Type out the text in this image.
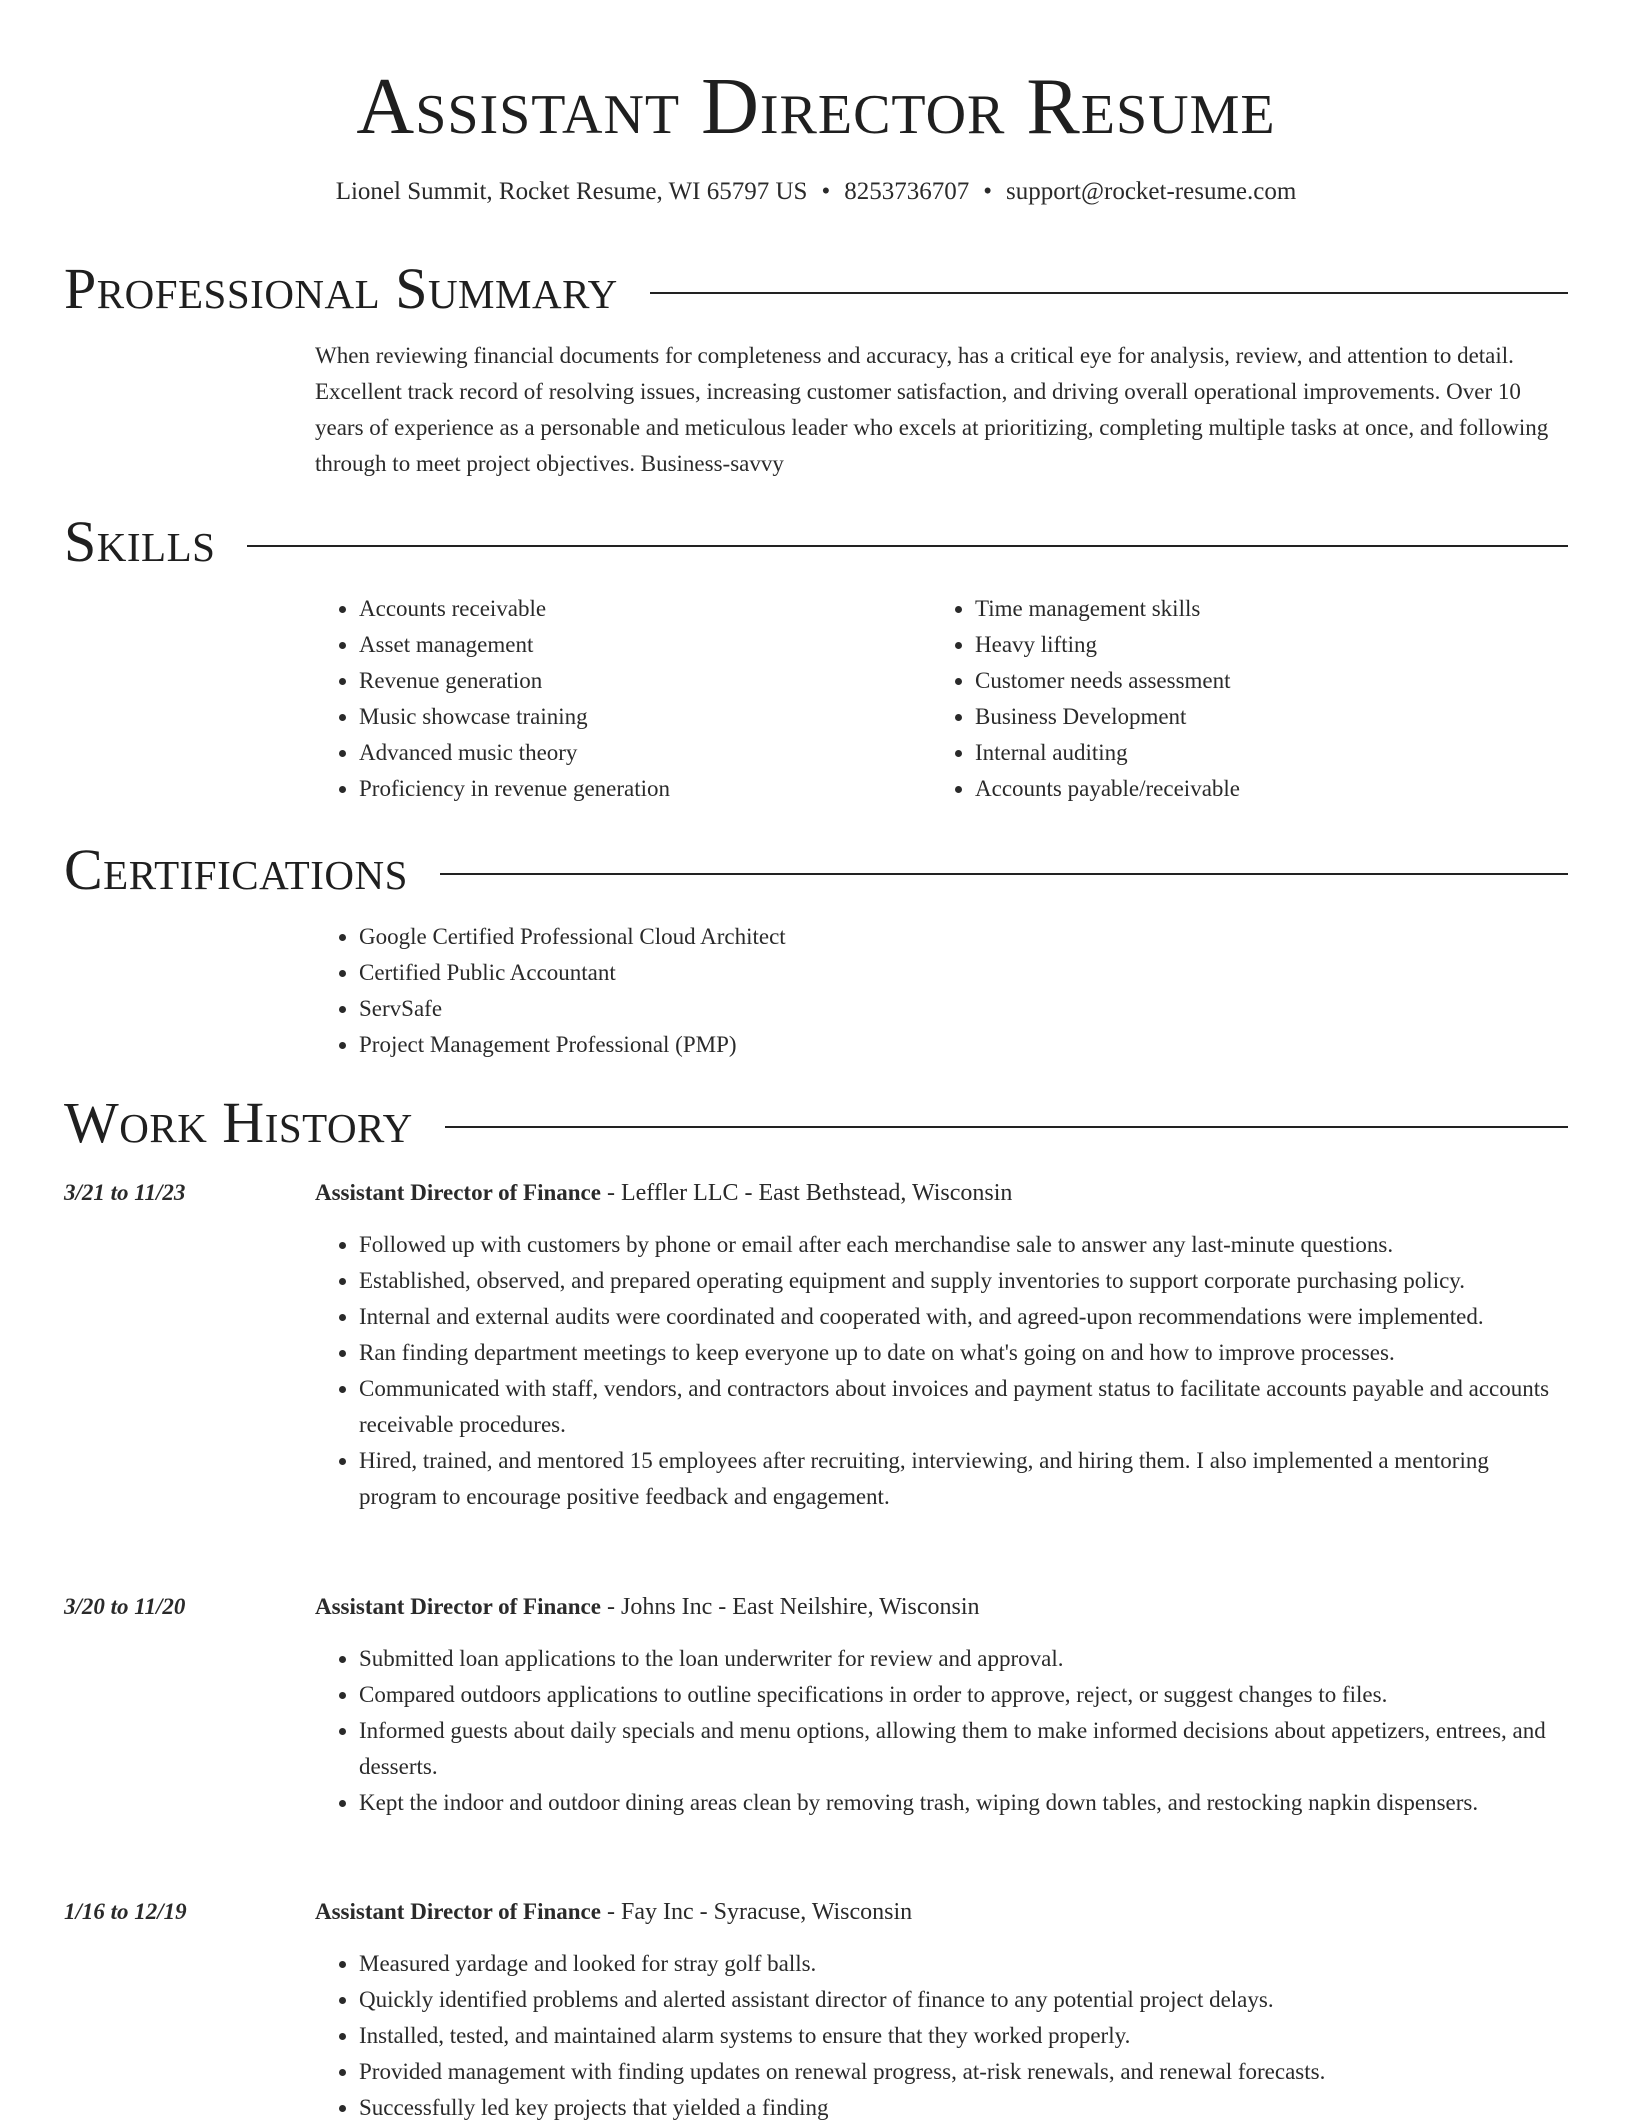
Assistant Director Resume
Lionel Summit, Rocket Resume, WI 65797 US • 8253736707 • support@rocket-resume.com
Professional Summary

When reviewing financial documents for completeness and accuracy, has a critical eye for analysis, review, and attention to detail. Excellent track record of resolving issues, increasing customer satisfaction, and driving overall operational improvements. Over 10 years of experience as a personable and meticulous leader who excels at prioritizing, completing multiple tasks at once, and following through to meet project objectives. Business-savvy

Skills
• Accounts receivable
• Asset management
• Revenue generation
• Music showcase training
• Advanced music theory
• Proficiency in revenue generation
• Time management skills
• Heavy lifting
• Customer needs assessment
• Business Development
• Internal auditing
• Accounts payable/receivable
Certifications
• Google Certified Professional Cloud Architect
• Certified Public Accountant
• ServSafe
• Project Management Professional (PMP)
Work History
3/21 to 11/23	Assistant Director of Finance - Leffler LLC - East Bethstead, Wisconsin
• Followed up with customers by phone or email after each merchandise sale to answer any last-minute questions.
• Established, observed, and prepared operating equipment and supply inventories to support corporate purchasing policy.
• Internal and external audits were coordinated and cooperated with, and agreed-upon recommendations were implemented.
• Ran finding department meetings to keep everyone up to date on what's going on and how to improve processes.
• Communicated with staff, vendors, and contractors about invoices and payment status to facilitate accounts payable and accounts receivable procedures.
• Hired, trained, and mentored 15 employees after recruiting, interviewing, and hiring them. I also implemented a mentoring program to encourage positive feedback and engagement.
3/20 to 11/20	Assistant Director of Finance - Johns Inc - East Neilshire, Wisconsin
• Submitted loan applications to the loan underwriter for review and approval.
• Compared outdoors applications to outline specifications in order to approve, reject, or suggest changes to files.
• Informed guests about daily specials and menu options, allowing them to make informed decisions about appetizers, entrees, and desserts.
• Kept the indoor and outdoor dining areas clean by removing trash, wiping down tables, and restocking napkin dispensers.
1/16 to 12/19	Assistant Director of Finance - Fay Inc - Syracuse, Wisconsin
• Measured yardage and looked for stray golf balls.
• Quickly identified problems and alerted assistant director of finance to any potential project delays.
• Installed, tested, and maintained alarm systems to ensure that they worked properly.
• Provided management with finding updates on renewal progress, at-risk renewals, and renewal forecasts.
• Successfully led key projects that yielded a finding
